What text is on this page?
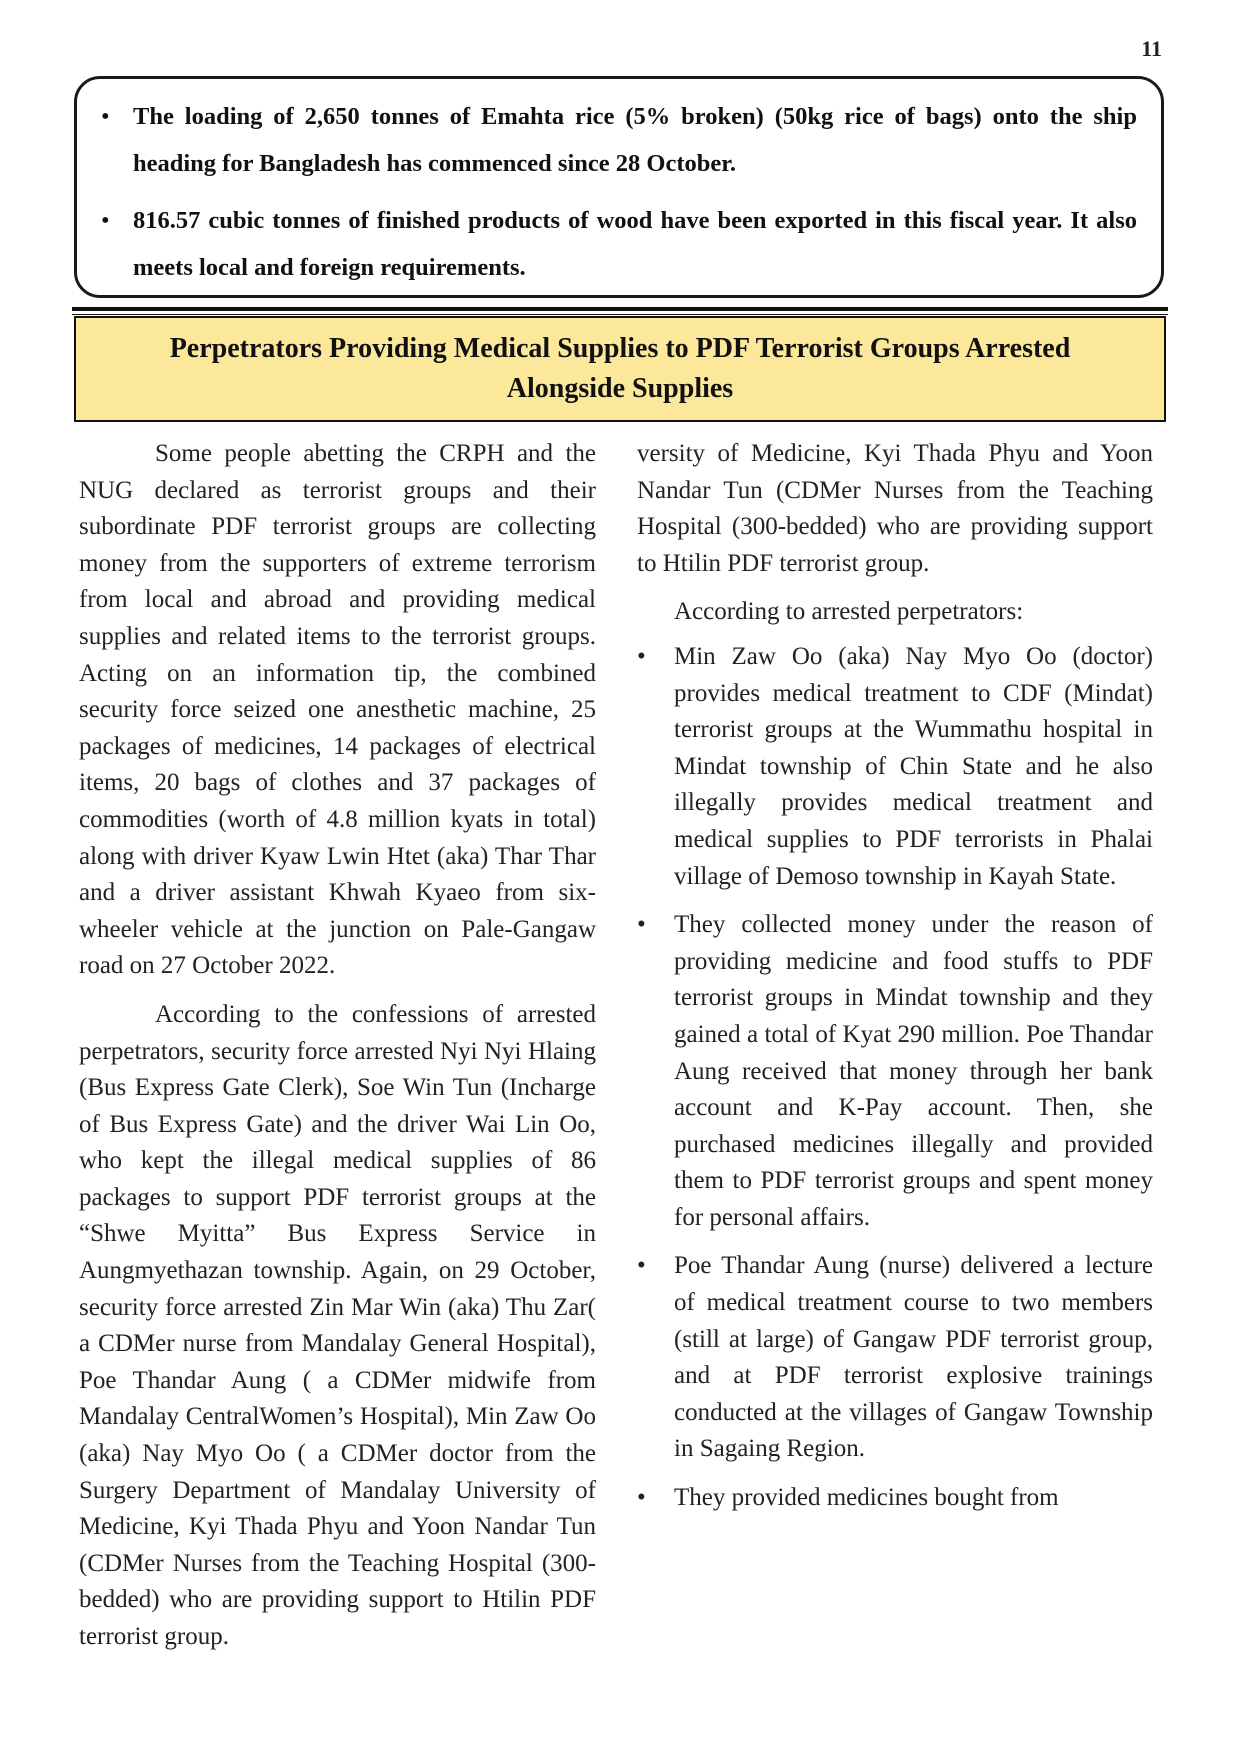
11
• The loading of 2,650 tonnes of Emahta rice (5% broken) (50kg rice of bags) onto the ship heading for Bangladesh has commenced since 28 October.
• 816.57 cubic tonnes of finished products of wood have been exported in this fiscal year. It also meets local and foreign requirements.
Perpetrators Providing Medical Supplies to PDF Terrorist Groups Arrested Alongside Supplies

Some people abetting the CRPH and the NUG declared as terrorist groups and their subordinate PDF terrorist groups are collecting money from the supporters of extreme terrorism from local and abroad and providing medical supplies and related items to the terrorist groups. Acting on an information tip, the combined security force seized one anesthetic machine, 25 packages of medicines, 14 packages of electrical items, 20 bags of clothes and 37 packages of commodities (worth of 4.8 million kyats in total) along with driver Kyaw Lwin Htet (aka) Thar Thar and a driver assistant Khwah Kyaeo from six-wheeler vehicle at the junction on Pale-Gangaw road on 27 October 2022.

According to the confessions of arrested perpetrators, security force arrested Nyi Nyi Hlaing (Bus Express Gate Clerk), Soe Win Tun (Incharge of Bus Express Gate) and the driver Wai Lin Oo, who kept the illegal medical supplies of 86 packages to support PDF terrorist groups at the “Shwe Myitta” Bus Express Service in Aungmyethazan township. Again, on 29 October, security force arrested Zin Mar Win (aka) Thu Zar( a CDMer nurse from Mandalay General Hospital), Poe Thandar Aung ( a CDMer midwife from Mandalay CentralWomen’s Hospital), Min Zaw Oo (aka) Nay Myo Oo ( a CDMer doctor from the Surgery Department of Mandalay University of Medicine, Kyi Thada Phyu and Yoon Nandar Tun (CDMer Nurses from the Teaching Hospital (300-bedded) who are providing support to Htilin PDF terrorist group.

versity of Medicine, Kyi Thada Phyu and Yoon Nandar Tun (CDMer Nurses from the Teaching Hospital (300-bedded) who are providing support to Htilin PDF terrorist group.

According to arrested perpetrators:

• Min Zaw Oo (aka) Nay Myo Oo (doctor) provides medical treatment to CDF (Mindat) terrorist groups at the Wummathu hospital in Mindat township of Chin State and he also illegally provides medical treatment and medical supplies to PDF terrorists in Phalai village of Demoso township in Kayah State.
• They collected money under the reason of providing medicine and food stuffs to PDF terrorist groups in Mindat township and they gained a total of Kyat 290 million. Poe Thandar Aung received that money through her bank account and K-Pay account. Then, she purchased medicines illegally and provided them to PDF terrorist groups and spent money for personal affairs.
• Poe Thandar Aung (nurse) delivered a lecture of medical treatment course to two members (still at large) of Gangaw PDF terrorist group, and at PDF terrorist explosive trainings conducted at the villages of Gangaw Township in Sagaing Region.
• They provided medicines bought from
